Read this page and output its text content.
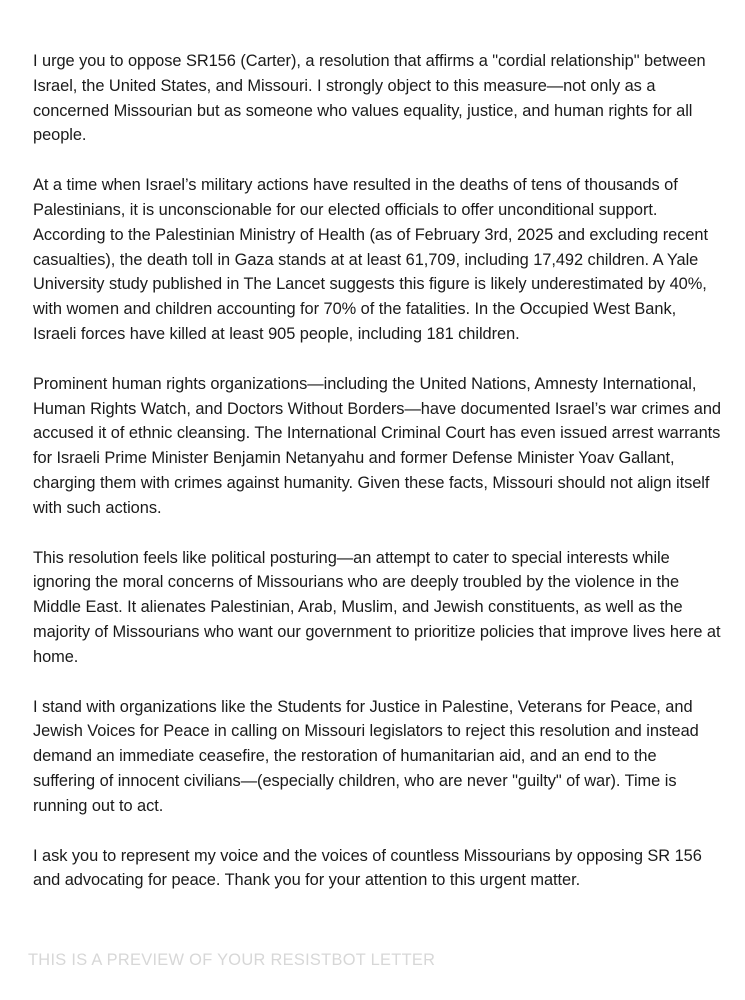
I urge you to oppose SR156 (Carter), a resolution that affirms a "cordial relationship" between Israel, the United States, and Missouri. I strongly object to this measure—not only as a concerned Missourian but as someone who values equality, justice, and human rights for all people.

At a time when Israel’s military actions have resulted in the deaths of tens of thousands of Palestinians, it is unconscionable for our elected officials to offer unconditional support. According to the Palestinian Ministry of Health (as of February 3rd, 2025 and excluding recent casualties), the death toll in Gaza stands at at least 61,709, including 17,492 children. A Yale University study published in The Lancet suggests this figure is likely underestimated by 40%, with women and children accounting for 70% of the fatalities. In the Occupied West Bank, Israeli forces have killed at least 905 people, including 181 children.

Prominent human rights organizations—including the United Nations, Amnesty International, Human Rights Watch, and Doctors Without Borders—have documented Israel’s war crimes and accused it of ethnic cleansing. The International Criminal Court has even issued arrest warrants for Israeli Prime Minister Benjamin Netanyahu and former Defense Minister Yoav Gallant, charging them with crimes against humanity. Given these facts, Missouri should not align itself with such actions.

This resolution feels like political posturing—an attempt to cater to special interests while ignoring the moral concerns of Missourians who are deeply troubled by the violence in the Middle East. It alienates Palestinian, Arab, Muslim, and Jewish constituents, as well as the majority of Missourians who want our government to prioritize policies that improve lives here at home.

I stand with organizations like the Students for Justice in Palestine, Veterans for Peace, and Jewish Voices for Peace in calling on Missouri legislators to reject this resolution and instead demand an immediate ceasefire, the restoration of humanitarian aid, and an end to the suffering of innocent civilians—(especially children, who are never "guilty" of war). Time is running out to act.

I ask you to represent my voice and the voices of countless Missourians by opposing SR 156 and advocating for peace. Thank you for your attention to this urgent matter.

THIS IS A PREVIEW OF YOUR RESISTBOT LETTER
